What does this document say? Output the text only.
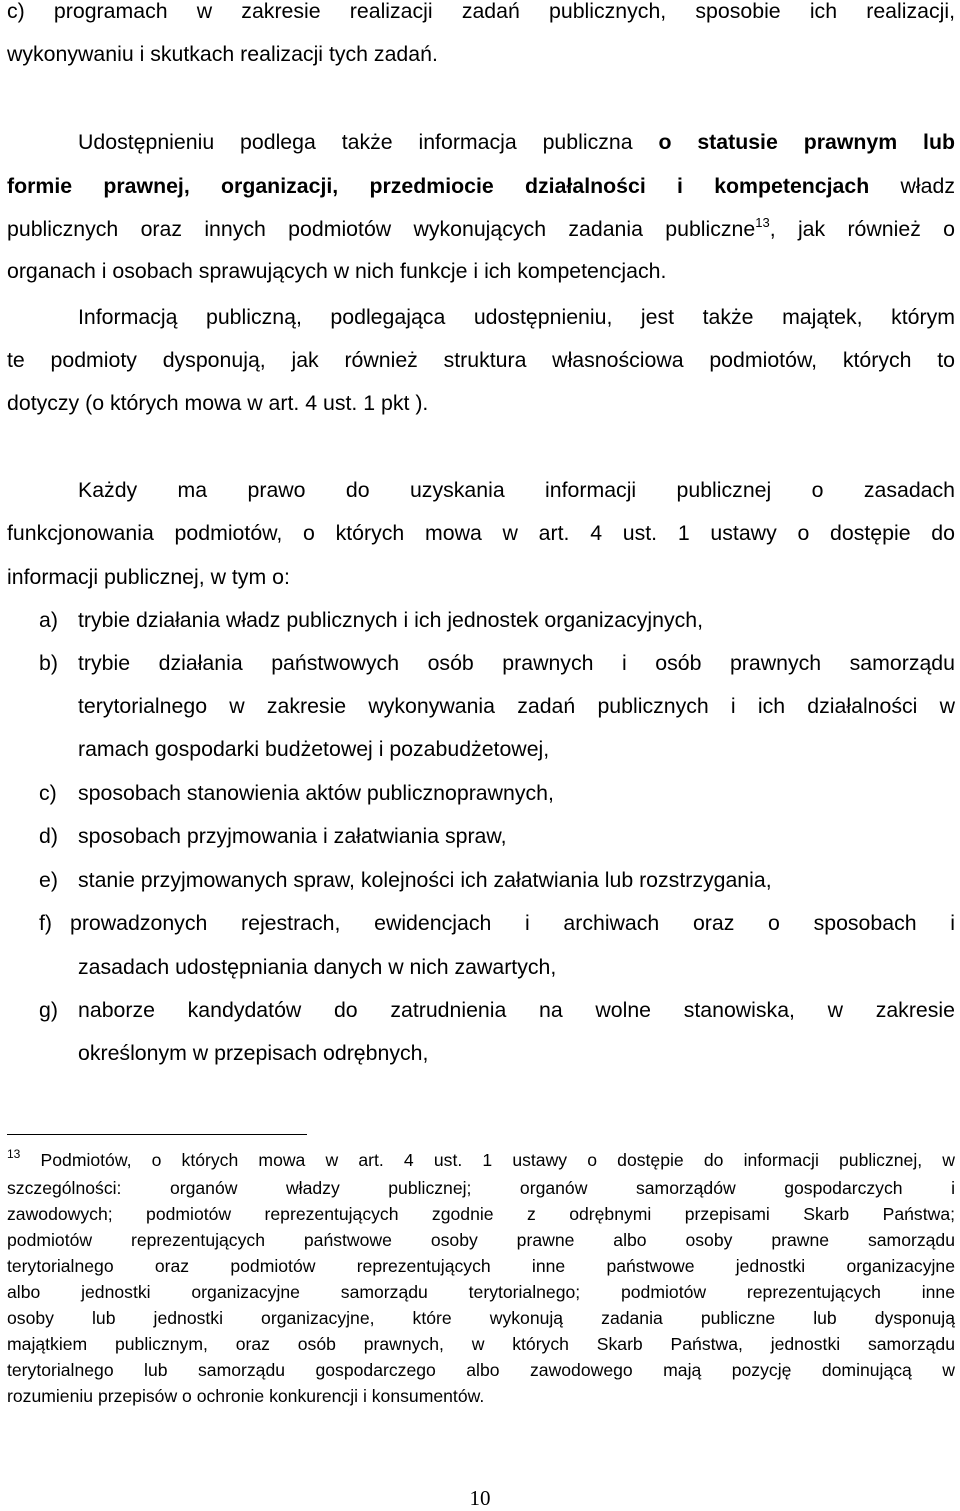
c) programach w zakresie realizacji zadań publicznych, sposobie ich realizacji,
wykonywaniu i skutkach realizacji tych zadań.
Udostępnieniu podlega także informacja publiczna o statusie prawnym lub
formie prawnej, organizacji, przedmiocie działalności i kompetencjach władz
publicznych oraz innych podmiotów wykonujących zadania publiczne$^{13}$, jak również o
organach i osobach sprawujących w nich funkcje i ich kompetencjach.
Informacją publiczną, podlegająca udostępnieniu, jest także majątek, którym
te podmioty dysponują, jak również struktura własnościowa podmiotów, których to
dotyczy (o których mowa w art. 4 ust. 1 pkt ).
Każdy ma prawo do uzyskania informacji publicznej o zasadach
funkcjonowania podmiotów, o których mowa w art. 4 ust. 1 ustawy o dostępie do
informacji publicznej, w tym o:
a) trybie działania władz publicznych i ich jednostek organizacyjnych,
b) trybie działania państwowych osób prawnych i osób prawnych samorządu
terytorialnego w zakresie wykonywania zadań publicznych i ich działalności w
ramach gospodarki budżetowej i pozabudżetowej,
c) sposobach stanowienia aktów publicznoprawnych,
d) sposobach przyjmowania i załatwiania spraw,
e) stanie przyjmowanych spraw, kolejności ich załatwiania lub rozstrzygania,
f) prowadzonych rejestrach, ewidencjach i archiwach oraz o sposobach i
zasadach udostępniania danych w nich zawartych,
g) naborze kandydatów do zatrudnienia na wolne stanowiska, w zakresie
określonym w przepisach odrębnych,
$^{13}$ Podmiotów, o których mowa w art. 4 ust. 1 ustawy o dostępie do informacji publicznej, w
szczególności: organów władzy publicznej; organów samorządów gospodarczych i
zawodowych; podmiotów reprezentujących zgodnie z odrębnymi przepisami Skarb Państwa;
podmiotów reprezentujących państwowe osoby prawne albo osoby prawne samorządu
terytorialnego oraz podmiotów reprezentujących inne państwowe jednostki organizacyjne
albo jednostki organizacyjne samorządu terytorialnego; podmiotów reprezentujących inne
osoby lub jednostki organizacyjne, które wykonują zadania publiczne lub dysponują
majątkiem publicznym, oraz osób prawnych, w których Skarb Państwa, jednostki samorządu
terytorialnego lub samorządu gospodarczego albo zawodowego mają pozycję dominującą w
rozumieniu przepisów o ochronie konkurencji i konsumentów.
10
